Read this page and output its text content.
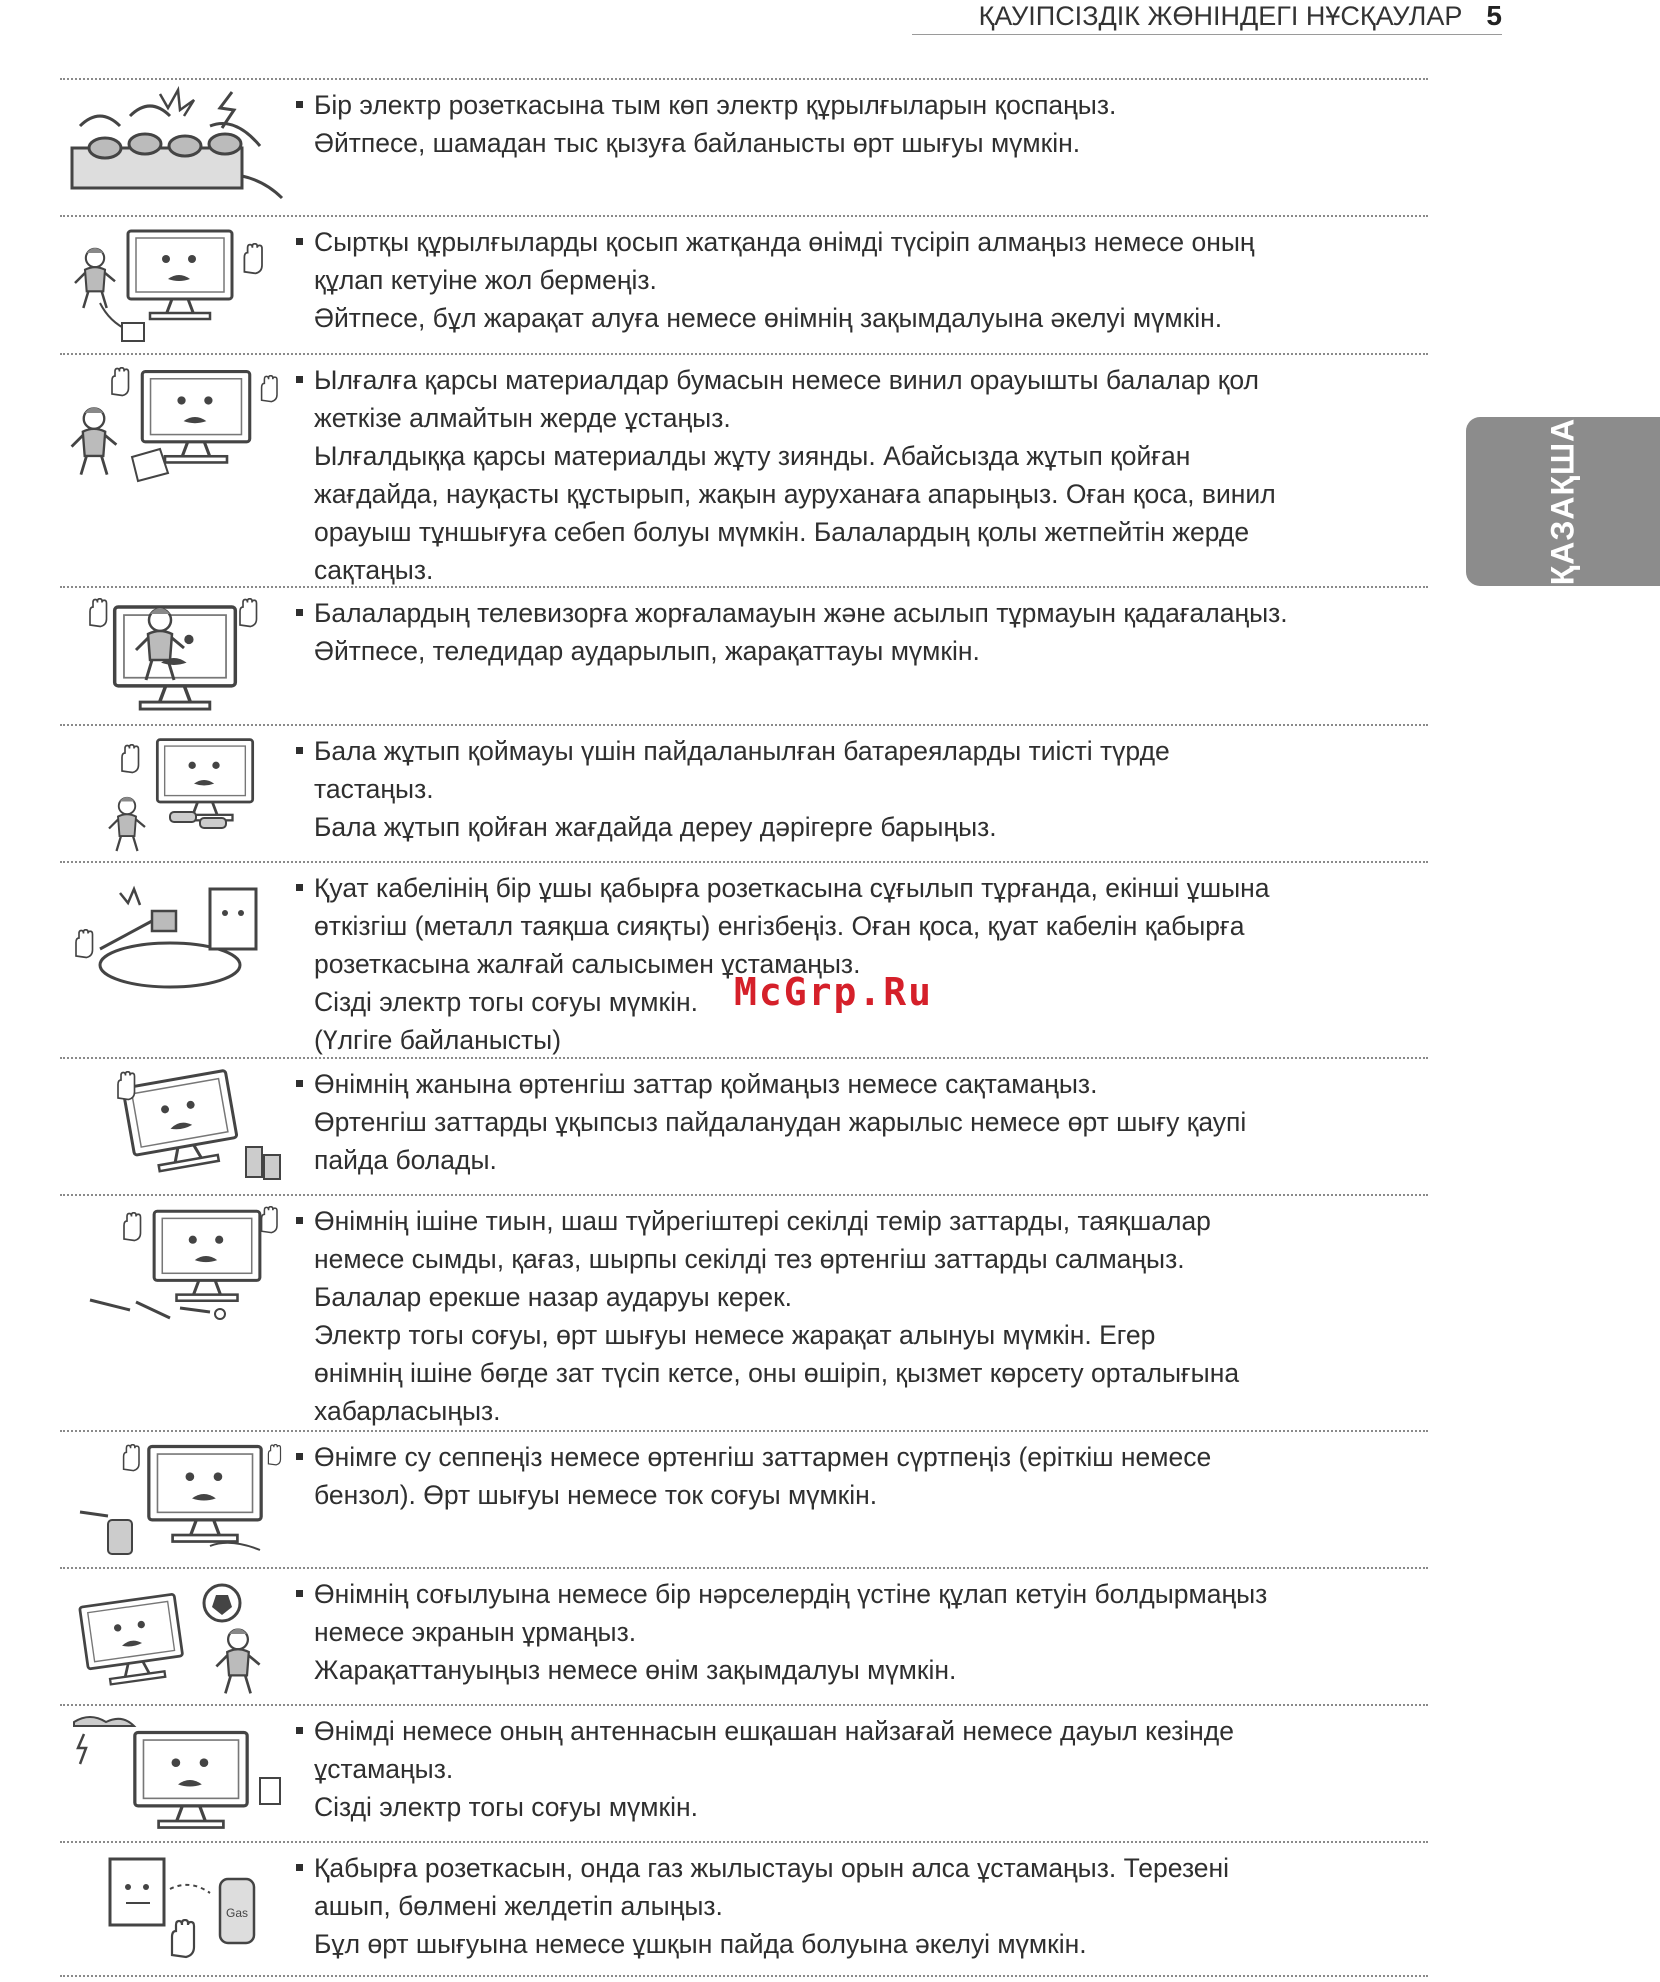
ҚАУІПСІЗДІК ЖӨНІНДЕГІ НҰСҚАУЛАР 5
ҚАЗАҚША

Бір электр розеткасына тым көп электр құрылғыларын қоспаңыз.

Әйтпесе, шамадан тыс қызуға байланысты өрт шығуы мүмкін.

Сыртқы құрылғыларды қосып жатқанда өнімді түсіріп алмаңыз немесе оның

құлап кетуіне жол бермеңіз.

Әйтпесе, бұл жарақат алуға немесе өнімнің зақымдалуына әкелуі мүмкін.

Ылғалға қарсы материалдар бумасын немесе винил орауышты балалар қол

жеткізе алмайтын жерде ұстаңыз.

Ылғалдыққа қарсы материалды жұту зиянды. Абайсызда жұтып қойған

жағдайда, науқасты құстырып, жақын ауруханаға апарыңыз. Оған қоса, винил

орауыш тұншығуға себеп болуы мүмкін. Балалардың қолы жетпейтін жерде

сақтаңыз.

Балалардың телевизорға жорғаламауын және асылып тұрмауын қадағалаңыз.

Әйтпесе, теледидар аударылып, жарақаттауы мүмкін.

Бала жұтып қоймауы үшін пайдаланылған батареяларды тиісті түрде

тастаңыз.

Бала жұтып қойған жағдайда дереу дәрігерге барыңыз.

Қуат кабелінің бір ұшы қабырға розеткасына сұғылып тұрғанда, екінші ұшына

өткізгіш (металл таяқша сияқты) енгізбеңіз. Оған қоса, қуат кабелін қабырға

розеткасына жалғай салысымен ұстамаңыз.

Сізді электр тогы соғуы мүмкін.

(Үлгіге байланысты)

Өнімнің жанына өртенгіш заттар қоймаңыз немесе сақтамаңыз.

Өртенгіш заттарды ұқыпсыз пайдаланудан жарылыс немесе өрт шығу қаупі

пайда болады.

Өнімнің ішіне тиын, шаш түйрегіштері секілді темір заттарды, таяқшалар

немесе сымды, қағаз, шырпы секілді тез өртенгіш заттарды салмаңыз.

Балалар ерекше назар аударуы керек.

Электр тогы соғуы, өрт шығуы немесе жарақат алынуы мүмкін. Егер

өнімнің ішіне бөгде зат түсіп кетсе, оны өшіріп, қызмет көрсету орталығына

хабарласыңыз.

Өнімге су сеппеңіз немесе өртенгіш заттармен сүртпеңіз (еріткіш немесе

бензол). Өрт шығуы немесе ток соғуы мүмкін.

Өнімнің соғылуына немесе бір нәрселердің үстіне құлап кетуін болдырмаңыз

немесе экранын ұрмаңыз.

Жарақаттануыңыз немесе өнім зақымдалуы мүмкін.

Өнімді немесе оның антеннасын ешқашан найзағай немесе дауыл кезінде

ұстамаңыз.

Сізді электр тогы соғуы мүмкін.

Gas

Қабырға розеткасын, онда газ жылыстауы орын алса ұстамаңыз. Терезені

ашып, бөлмені желдетіп алыңыз.

Бұл өрт шығуына немесе ұшқын пайда болуына әкелуі мүмкін.

McGrp.Ru
